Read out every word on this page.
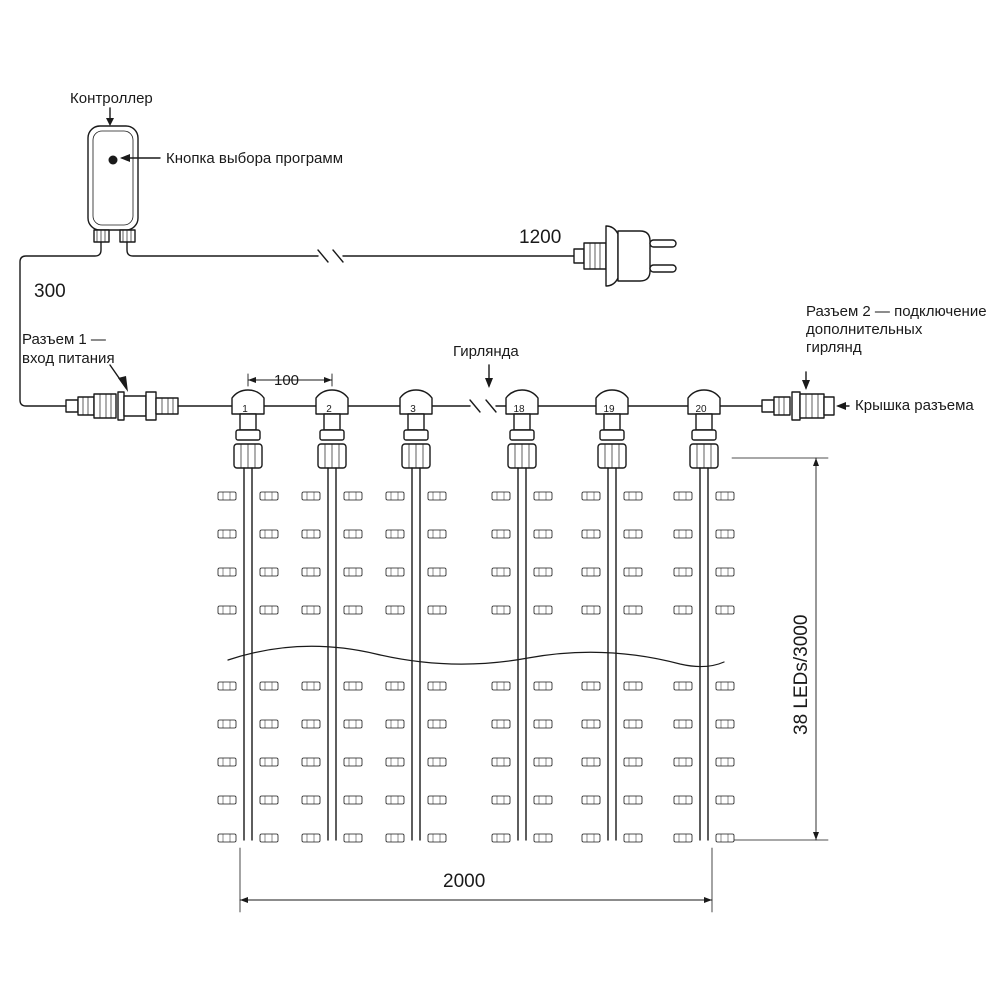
1	2	3	18	19	20
Контроллер
Кнопка выбора программ
1200
300
Разъем 1 —
вход питания	Гирлянда
100
Разъем 2 — подключение
дополнительных
гирлянд
Крышка разъема
38 LEDs/3000
2000
